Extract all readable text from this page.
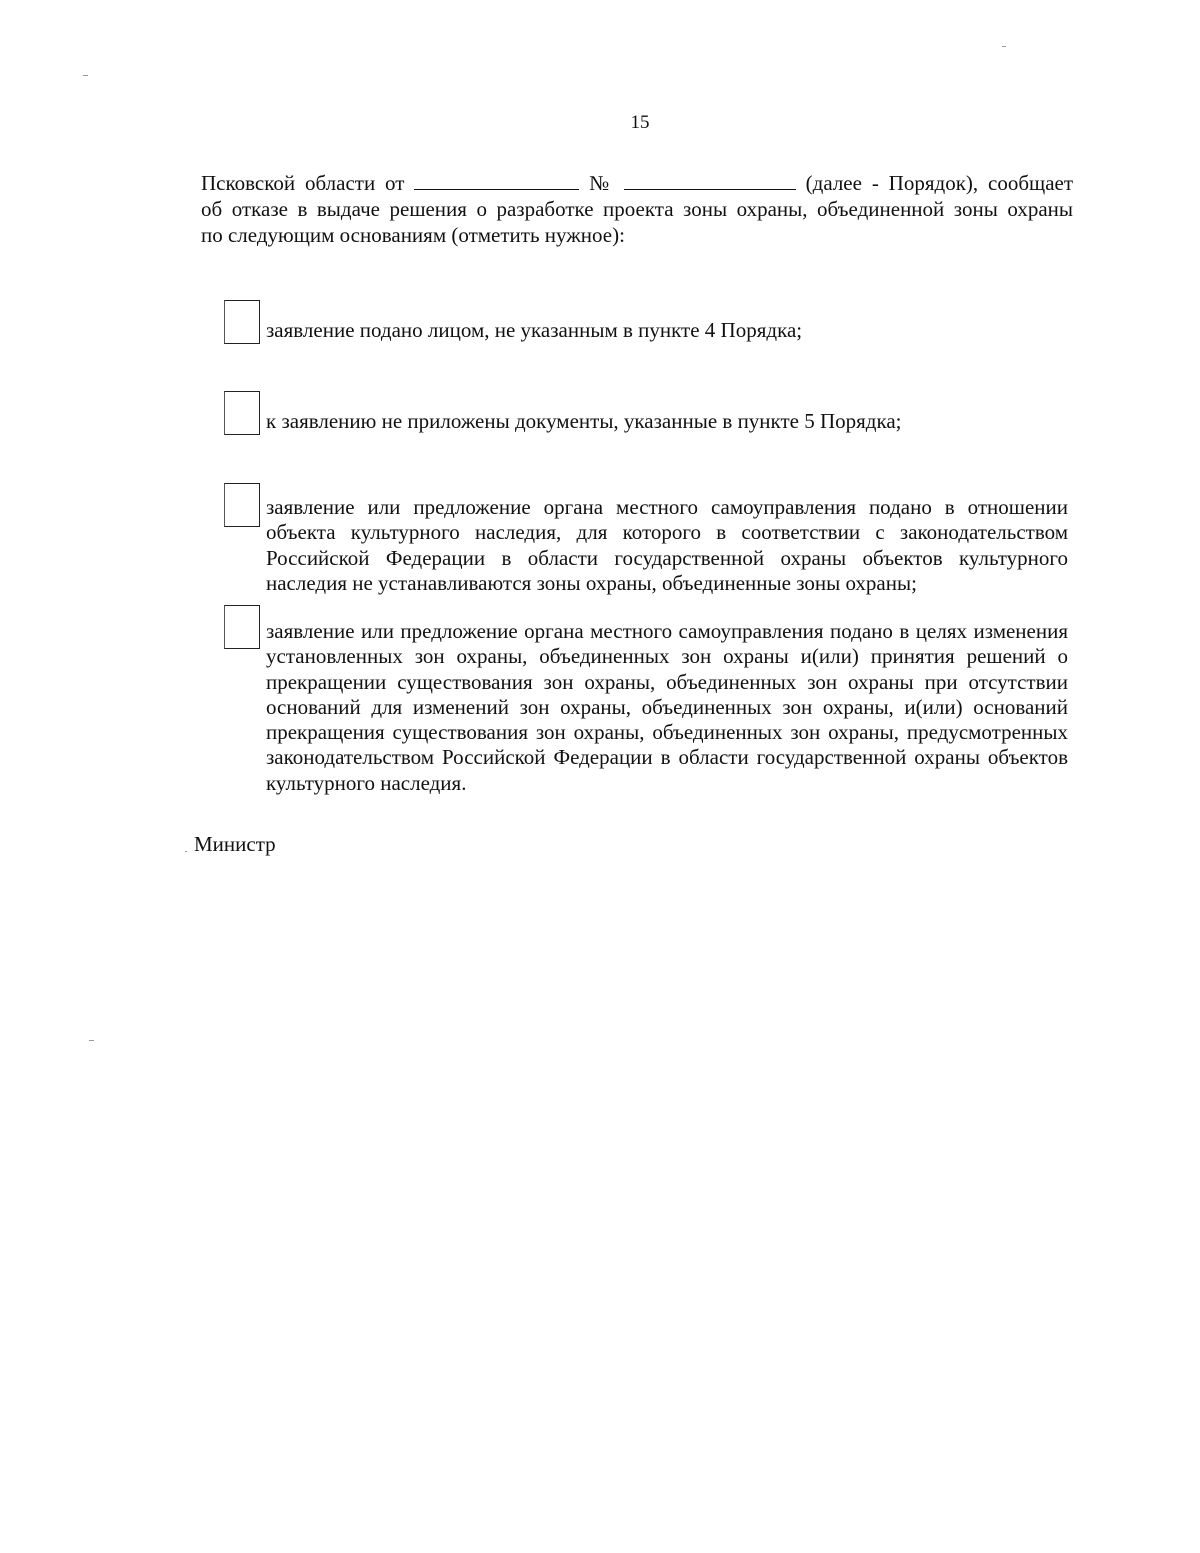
15
Псковской области от	№	(далее - Порядок), сообщает
об отказе в выдаче решения о разработке проекта зоны охраны, объединенной зоны охраны
по следующим основаниям (отметить нужное):
заявление подано лицом, не указанным в пункте 4 Порядка;
к заявлению не приложены документы, указанные в пункте 5 Порядка;
заявление или предложение органа местного самоуправления подано в отношении объекта культурного наследия, для которого в соответствии с законодательством Российской Федерации в области государственной охраны объектов культурного наследия не устанавливаются зоны охраны, объединенные зоны охраны;
заявление или предложение органа местного самоуправления подано в целях изменения установленных зон охраны, объединенных зон охраны и(или) принятия решений о прекращении существования зон охраны, объединенных зон охраны при отсутствии оснований для изменений зон охраны, объединенных зон охраны, и(или) оснований прекращения существования зон охраны, объединенных зон охраны, предусмотренных законодательством Российской Федерации в области государственной охраны объектов культурного наследия.
Министр
